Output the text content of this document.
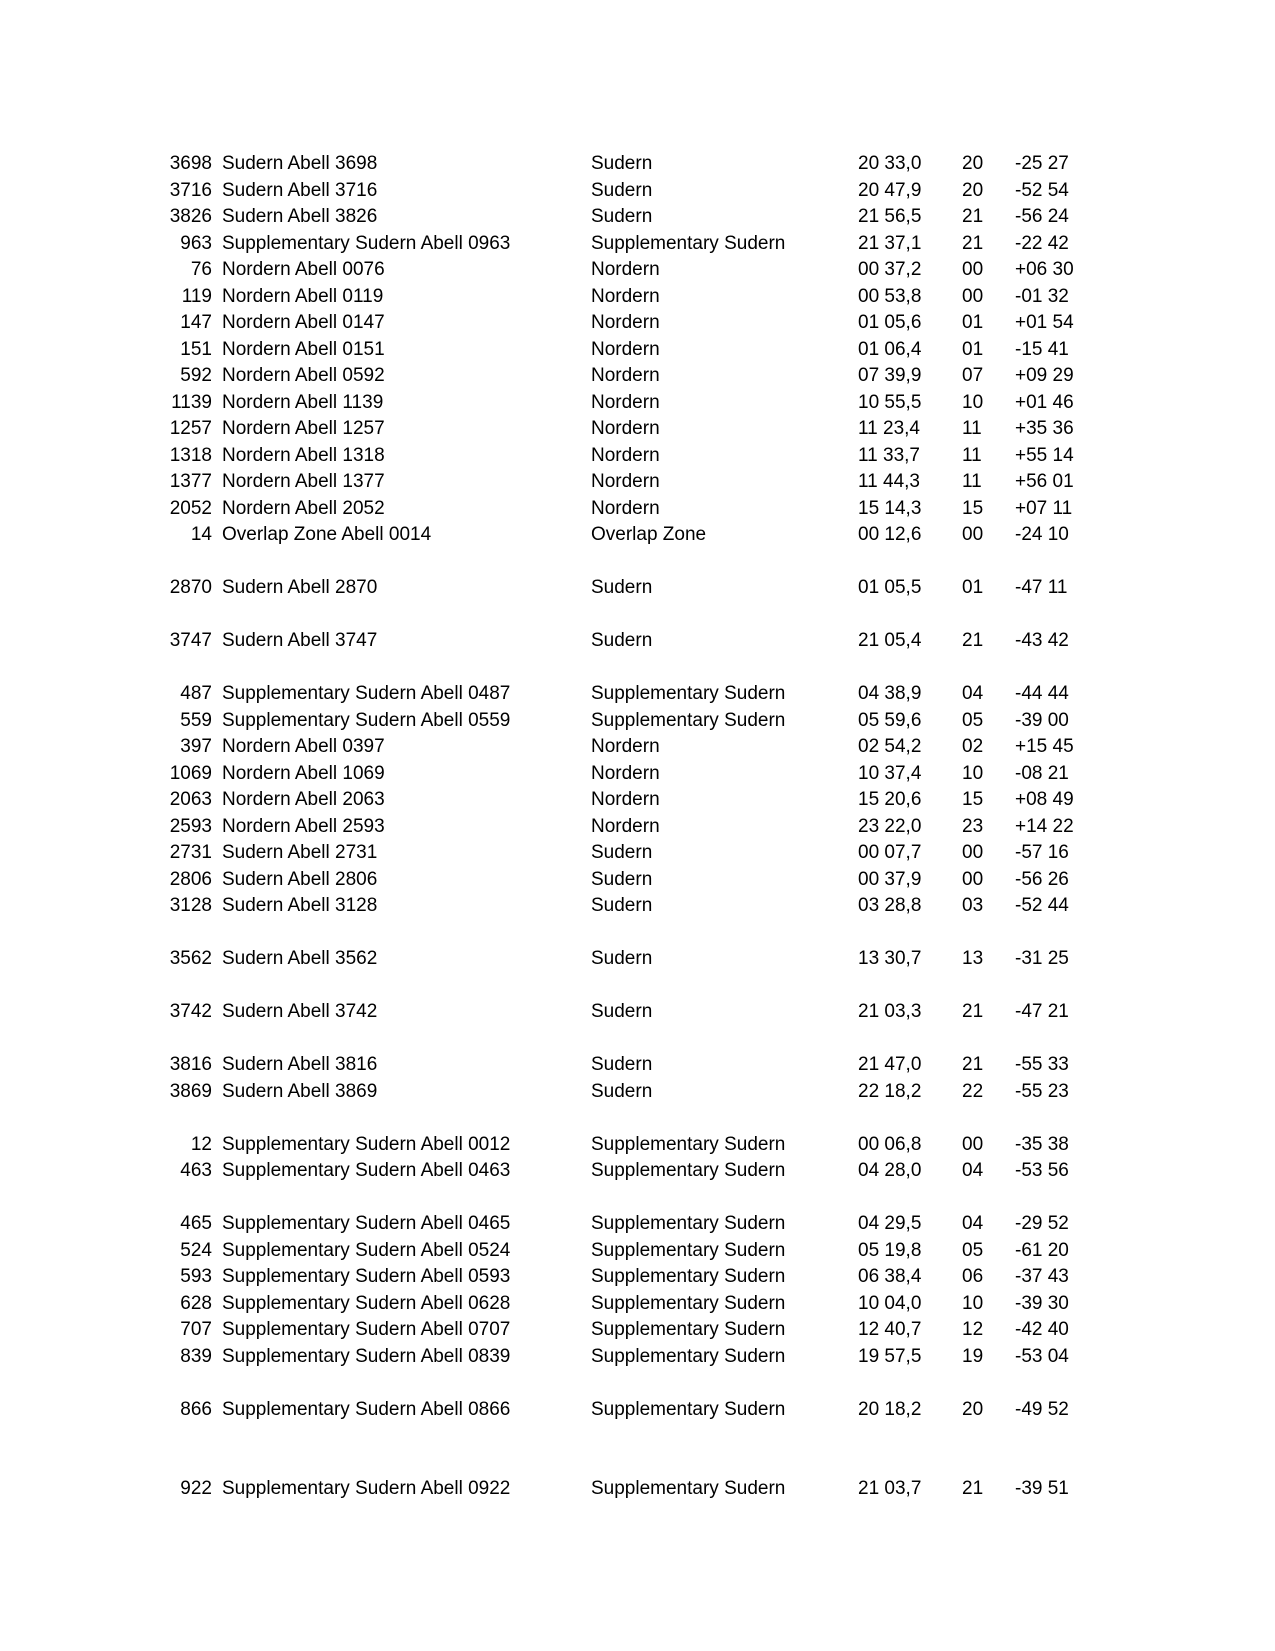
3698 Sudern Abell 3698	Sudern	20 33,0 20 -25 27
3716 Sudern Abell 3716	Sudern	20 47,9 20 -52 54
3826 Sudern Abell 3826	Sudern	21 56,5 21 -56 24
963 Supplementary Sudern Abell 0963	Supplementary Sudern	21 37,1 21 -22 42
76 Nordern Abell 0076	Nordern	00 37,2 00 +06 30
119 Nordern Abell 0119	Nordern	00 53,8 00 -01 32
147 Nordern Abell 0147	Nordern	01 05,6 01 +01 54
151 Nordern Abell 0151	Nordern	01 06,4 01 -15 41
592 Nordern Abell 0592	Nordern	07 39,9 07 +09 29
1139 Nordern Abell 1139	Nordern	10 55,5 10 +01 46
1257 Nordern Abell 1257	Nordern	11 23,4 11 +35 36
1318 Nordern Abell 1318	Nordern	11 33,7 11 +55 14
1377 Nordern Abell 1377	Nordern	11 44,3 11 +56 01
2052 Nordern Abell 2052	Nordern	15 14,3 15 +07 11
14 Overlap Zone Abell 0014	Overlap Zone	00 12,6 00 -24 10
2870 Sudern Abell 2870	Sudern	01 05,5 01 -47 11
3747 Sudern Abell 3747	Sudern	21 05,4 21 -43 42
487 Supplementary Sudern Abell 0487	Supplementary Sudern	04 38,9 04 -44 44
559 Supplementary Sudern Abell 0559	Supplementary Sudern	05 59,6 05 -39 00
397 Nordern Abell 0397	Nordern	02 54,2 02 +15 45
1069 Nordern Abell 1069	Nordern	10 37,4 10 -08 21
2063 Nordern Abell 2063	Nordern	15 20,6 15 +08 49
2593 Nordern Abell 2593	Nordern	23 22,0 23 +14 22
2731 Sudern Abell 2731	Sudern	00 07,7 00 -57 16
2806 Sudern Abell 2806	Sudern	00 37,9 00 -56 26
3128 Sudern Abell 3128	Sudern	03 28,8 03 -52 44
3562 Sudern Abell 3562	Sudern	13 30,7 13 -31 25
3742 Sudern Abell 3742	Sudern	21 03,3 21 -47 21
3816 Sudern Abell 3816	Sudern	21 47,0 21 -55 33
3869 Sudern Abell 3869	Sudern	22 18,2 22 -55 23
12 Supplementary Sudern Abell 0012	Supplementary Sudern	00 06,8 00 -35 38
463 Supplementary Sudern Abell 0463	Supplementary Sudern	04 28,0 04 -53 56
465 Supplementary Sudern Abell 0465	Supplementary Sudern	04 29,5 04 -29 52
524 Supplementary Sudern Abell 0524	Supplementary Sudern	05 19,8 05 -61 20
593 Supplementary Sudern Abell 0593	Supplementary Sudern	06 38,4 06 -37 43
628 Supplementary Sudern Abell 0628	Supplementary Sudern	10 04,0 10 -39 30
707 Supplementary Sudern Abell 0707	Supplementary Sudern	12 40,7 12 -42 40
839 Supplementary Sudern Abell 0839	Supplementary Sudern	19 57,5 19 -53 04
866 Supplementary Sudern Abell 0866	Supplementary Sudern	20 18,2 20 -49 52
922 Supplementary Sudern Abell 0922	Supplementary Sudern	21 03,7 21 -39 51
